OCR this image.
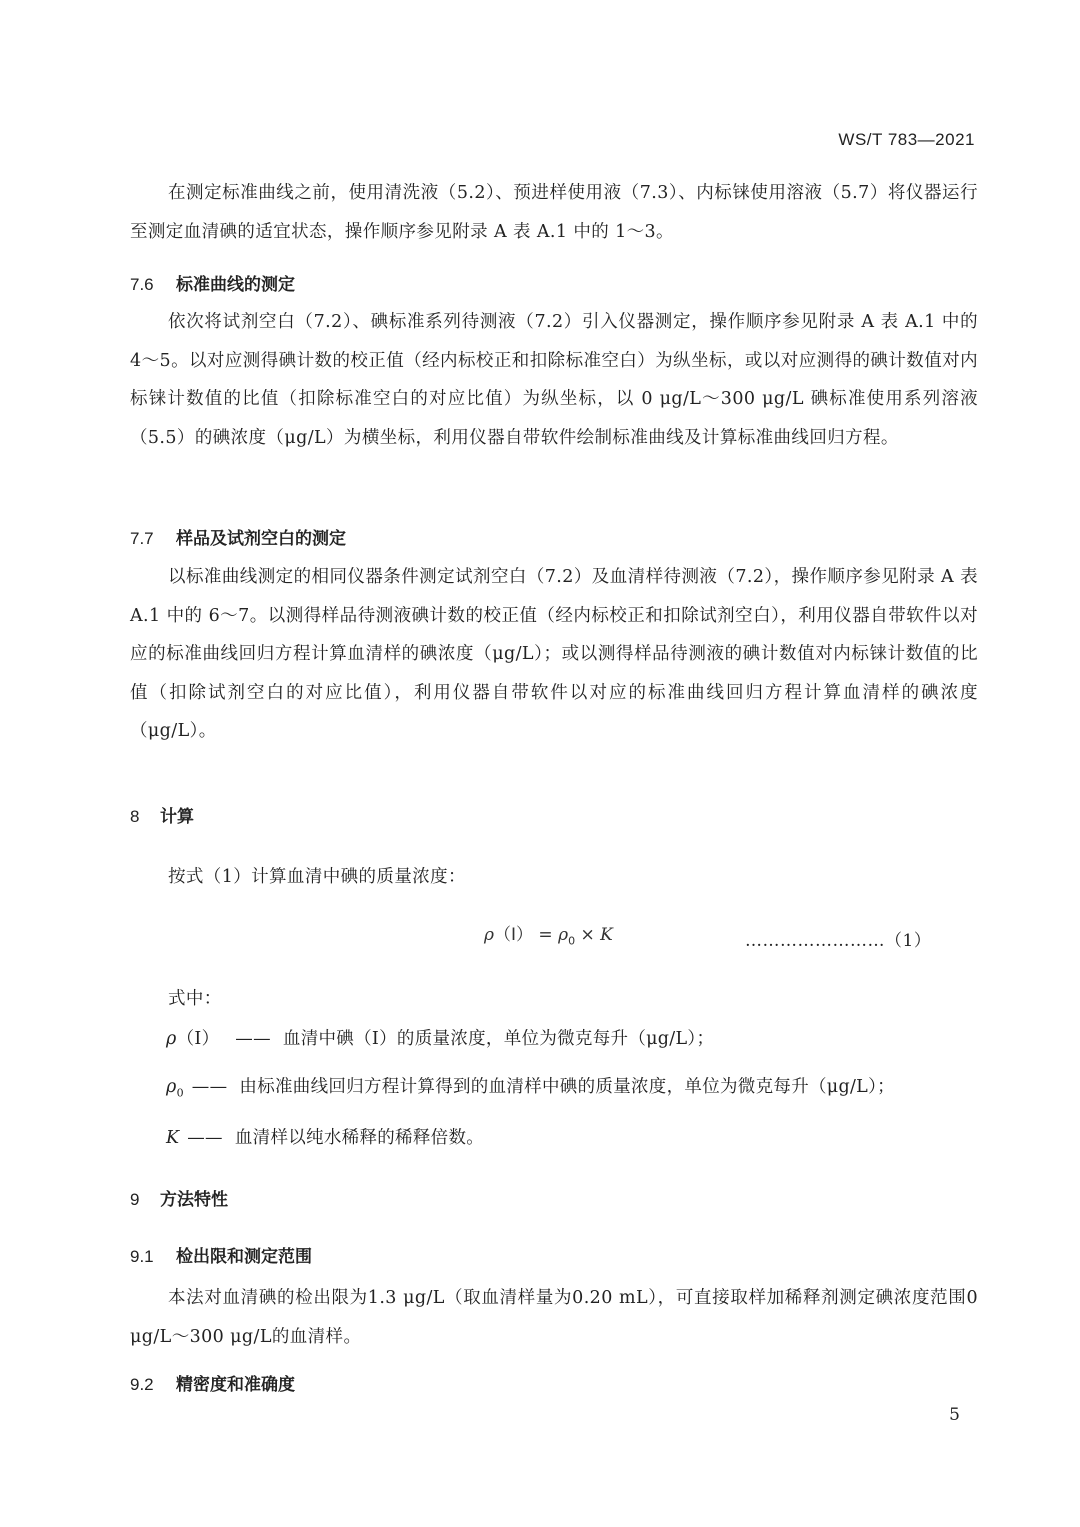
WS/T 783—2021
在测定标准曲线之前，使用清洗液（5.2）、预进样使用液（7.3）、内标铼使用溶液（5.7）将仪器运行至测定血清碘的适宜状态，操作顺序参见附录 A 表 A.1 中的 1～3。
7.6 标准曲线的测定
依次将试剂空白（7.2）、碘标准系列待测液（7.2）引入仪器测定，操作顺序参见附录 A 表 A.1 中的 4～5。以对应测得碘计数的校正值（经内标校正和扣除标准空白）为纵坐标，或以对应测得的碘计数值对内标铼计数值的比值（扣除标准空白的对应比值）为纵坐标，以 0 μg/L～300 μg/L 碘标准使用系列溶液（5.5）的碘浓度（μg/L）为横坐标，利用仪器自带软件绘制标准曲线及计算标准曲线回归方程。
7.7 样品及试剂空白的测定
以标准曲线测定的相同仪器条件测定试剂空白（7.2）及血清样待测液（7.2），操作顺序参见附录 A 表 A.1 中的 6～7。以测得样品待测液碘计数的校正值（经内标校正和扣除试剂空白），利用仪器自带软件以对应的标准曲线回归方程计算血清样的碘浓度（μg/L）；或以测得样品待测液的碘计数值对内标铼计数值的比值（扣除试剂空白的对应比值），利用仪器自带软件以对应的标准曲线回归方程计算血清样的碘浓度（μg/L）。
8 计算
按式（1）计算血清中碘的质量浓度：
$\rho(I) = \rho_0 \times K$	……………………（1）
式中：
ρ（I） —— 血清中碘（I）的质量浓度，单位为微克每升（μg/L）；
$\rho_0$ —— 由标准曲线回归方程计算得到的血清样中碘的质量浓度，单位为微克每升（μg/L）；
K —— 血清样以纯水稀释的稀释倍数。
9 方法特性
9.1 检出限和测定范围
本法对血清碘的检出限为1.3 μg/L（取血清样量为0.20 mL），可直接取样加稀释剂测定碘浓度范围0 μg/L～300 μg/L的血清样。
9.2 精密度和准确度
5
